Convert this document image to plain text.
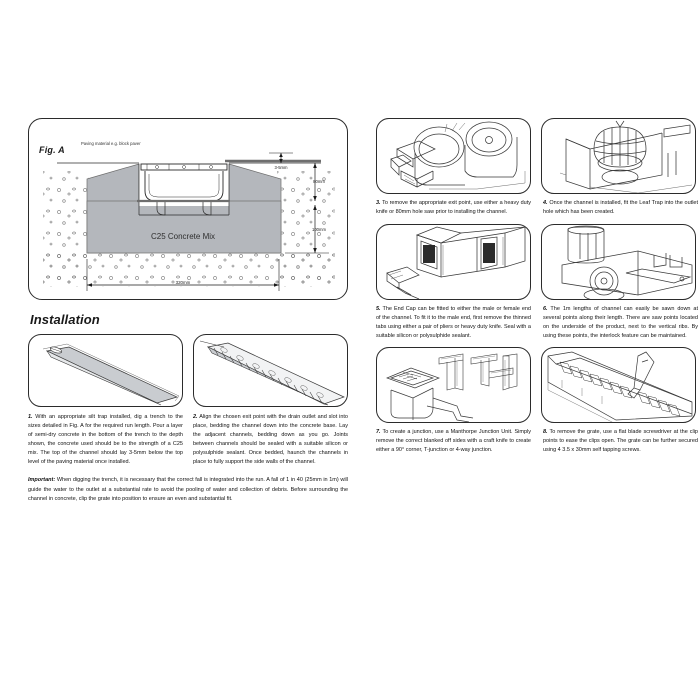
3-5mm
80mm
100mm
320mm
C25 Concrete Mix
Fig. A
Paving material e.g. block paver
Installation
1. With an appropriate silt trap installed, dig a trench to the sizes detailed in Fig. A for the required run length. Pour a layer of semi-dry concrete in the bottom of the trench to the depth shown, the concrete used should be to the strength of a C25 mix. The top of the channel should lay 3-5mm below the top level of the paving material once installed.
2. Align the chosen exit point with the drain outlet and slot into place, bedding the channel down into the concrete base. Lay the adjacent channels, bedding down as you go. Joints between channels should be sealed with a suitable silicon or polysulphide sealant. Once bedded, haunch the channels in place to fully support the side walls of the channel.
Important: When digging the trench, it is necessary that the correct fall is integrated into the run. A fall of 1 in 40 (25mm in 1m) will guide the water to the outlet at a substantial rate to avoid the pooling of water and collection of debris. Before surrounding the channel in concrete, clip the grate into position to ensure an even and substantial fit.
3. To remove the appropriate exit point, use either a heavy duty knife or 80mm hole saw prior to installing the channel.
4. Once the channel is installed, fit the Leaf Trap into the outlet hole which has been created.
5. The End Cap can be fitted to either the male or female end of the channel. To fit it to the male end, first remove the thinned tabs using either a pair of pliers or heavy duty knife. Seal with a suitable silicon or polysulphide sealant.
6. The 1m lengths of channel can easily be sawn down at several points along their length. There are saw points located on the underside of the product, next to the vertical ribs. By using these points, the interlock feature can be maintained.
7. To create a junction, use a Manthorpe Junction Unit. Simply remove the correct blanked off sides with a craft knife to create either a 90° corner, T-junction or 4-way junction.
8. To remove the grate, use a flat blade screwdriver at the clip points to ease the clips open. The grate can be further secured using 4 3.5 x 30mm self tapping screws.
